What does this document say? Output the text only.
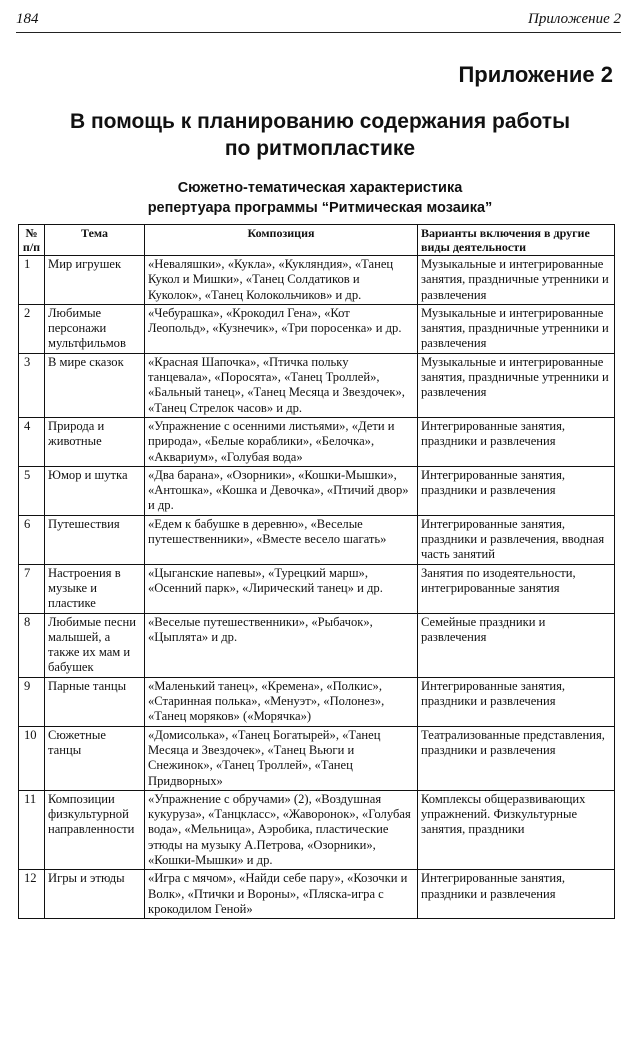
184	Приложение 2
Приложение 2
В помощь к планированию содержания работы
по ритмопластике
Сюжетно-тематическая характеристика
репертуара программы “Ритмическая мозаика”
№ п/п	Тема	Композиция	Варианты включения в другие виды деятельности
1	Мир игрушек	«Неваляшки», «Кукла», «Кукляндия», «Танец Кукол и Мишки», «Танец Солдатиков и Куколок», «Танец Колокольчиков» и др.	Музыкальные и интегрированные занятия, праздничные утренники и развлечения
2	Любимые персонажи мультфильмов	«Чебурашка», «Крокодил Гена», «Кот Леопольд», «Кузнечик», «Три поросенка» и др.	Музыкальные и интегрированные занятия, праздничные утренники и развлечения
3	В мире сказок	«Красная Шапочка», «Птичка польку танцевала», «Поросята», «Танец Троллей», «Бальный танец», «Танец Месяца и Звездочек», «Танец Стрелок часов» и др.	Музыкальные и интегрированные занятия, праздничные утренники и развлечения
4	Природа и животные	«Упражнение с осенними листьями», «Дети и природа», «Белые кораблики», «Белочка», «Аквариум», «Голубая вода»	Интегрированные занятия, праздники и развлечения
5	Юмор и шутка	«Два барана», «Озорники», «Кошки-Мышки», «Антошка», «Кошка и Девочка», «Птичий двор» и др.	Интегрированные занятия, праздники и развлечения
6	Путешествия	«Едем к бабушке в деревню», «Веселые путешественники», «Вместе весело шагать»	Интегрированные занятия, праздники и развлечения, вводная часть занятий
7	Настроения в музыке и пластике	«Цыганские напевы», «Турецкий марш», «Осенний парк», «Лирический танец» и др.	Занятия по изодеятельности, интегрированные занятия
8	Любимые песни малышей, а также их мам и бабушек	«Веселые путешественники», «Рыбачок», «Цыплята» и др.	Семейные праздники и развлечения
9	Парные танцы	«Маленький танец», «Кремена», «Полкис», «Старинная полька», «Менуэт», «Полонез», «Танец моряков» («Морячка»)	Интегрированные занятия, праздники и развлечения
10	Сюжетные танцы	«Домисолька», «Танец Богатырей», «Танец Месяца и Звездочек», «Танец Вьюги и Снежинок», «Танец Троллей», «Танец Придворных»	Театрализованные представления, праздники и развлечения
11	Композиции физкультурной направленности	«Упражнение с обручами» (2), «Воздушная кукуруза», «Танцкласс», «Жаворонок», «Голубая вода», «Мельница», Аэробика, пластические этюды на музыку А.Петрова, «Озорники», «Кошки-Мышки» и др.	Комплексы общеразвивающих упражнений. Физкультурные занятия, праздники
12	Игры и этюды	«Игра с мячом», «Найди себе пару», «Козочки и Волк», «Птички и Вороны», «Пляска-игра с крокодилом Геной»	Интегрированные занятия, праздники и развлечения
